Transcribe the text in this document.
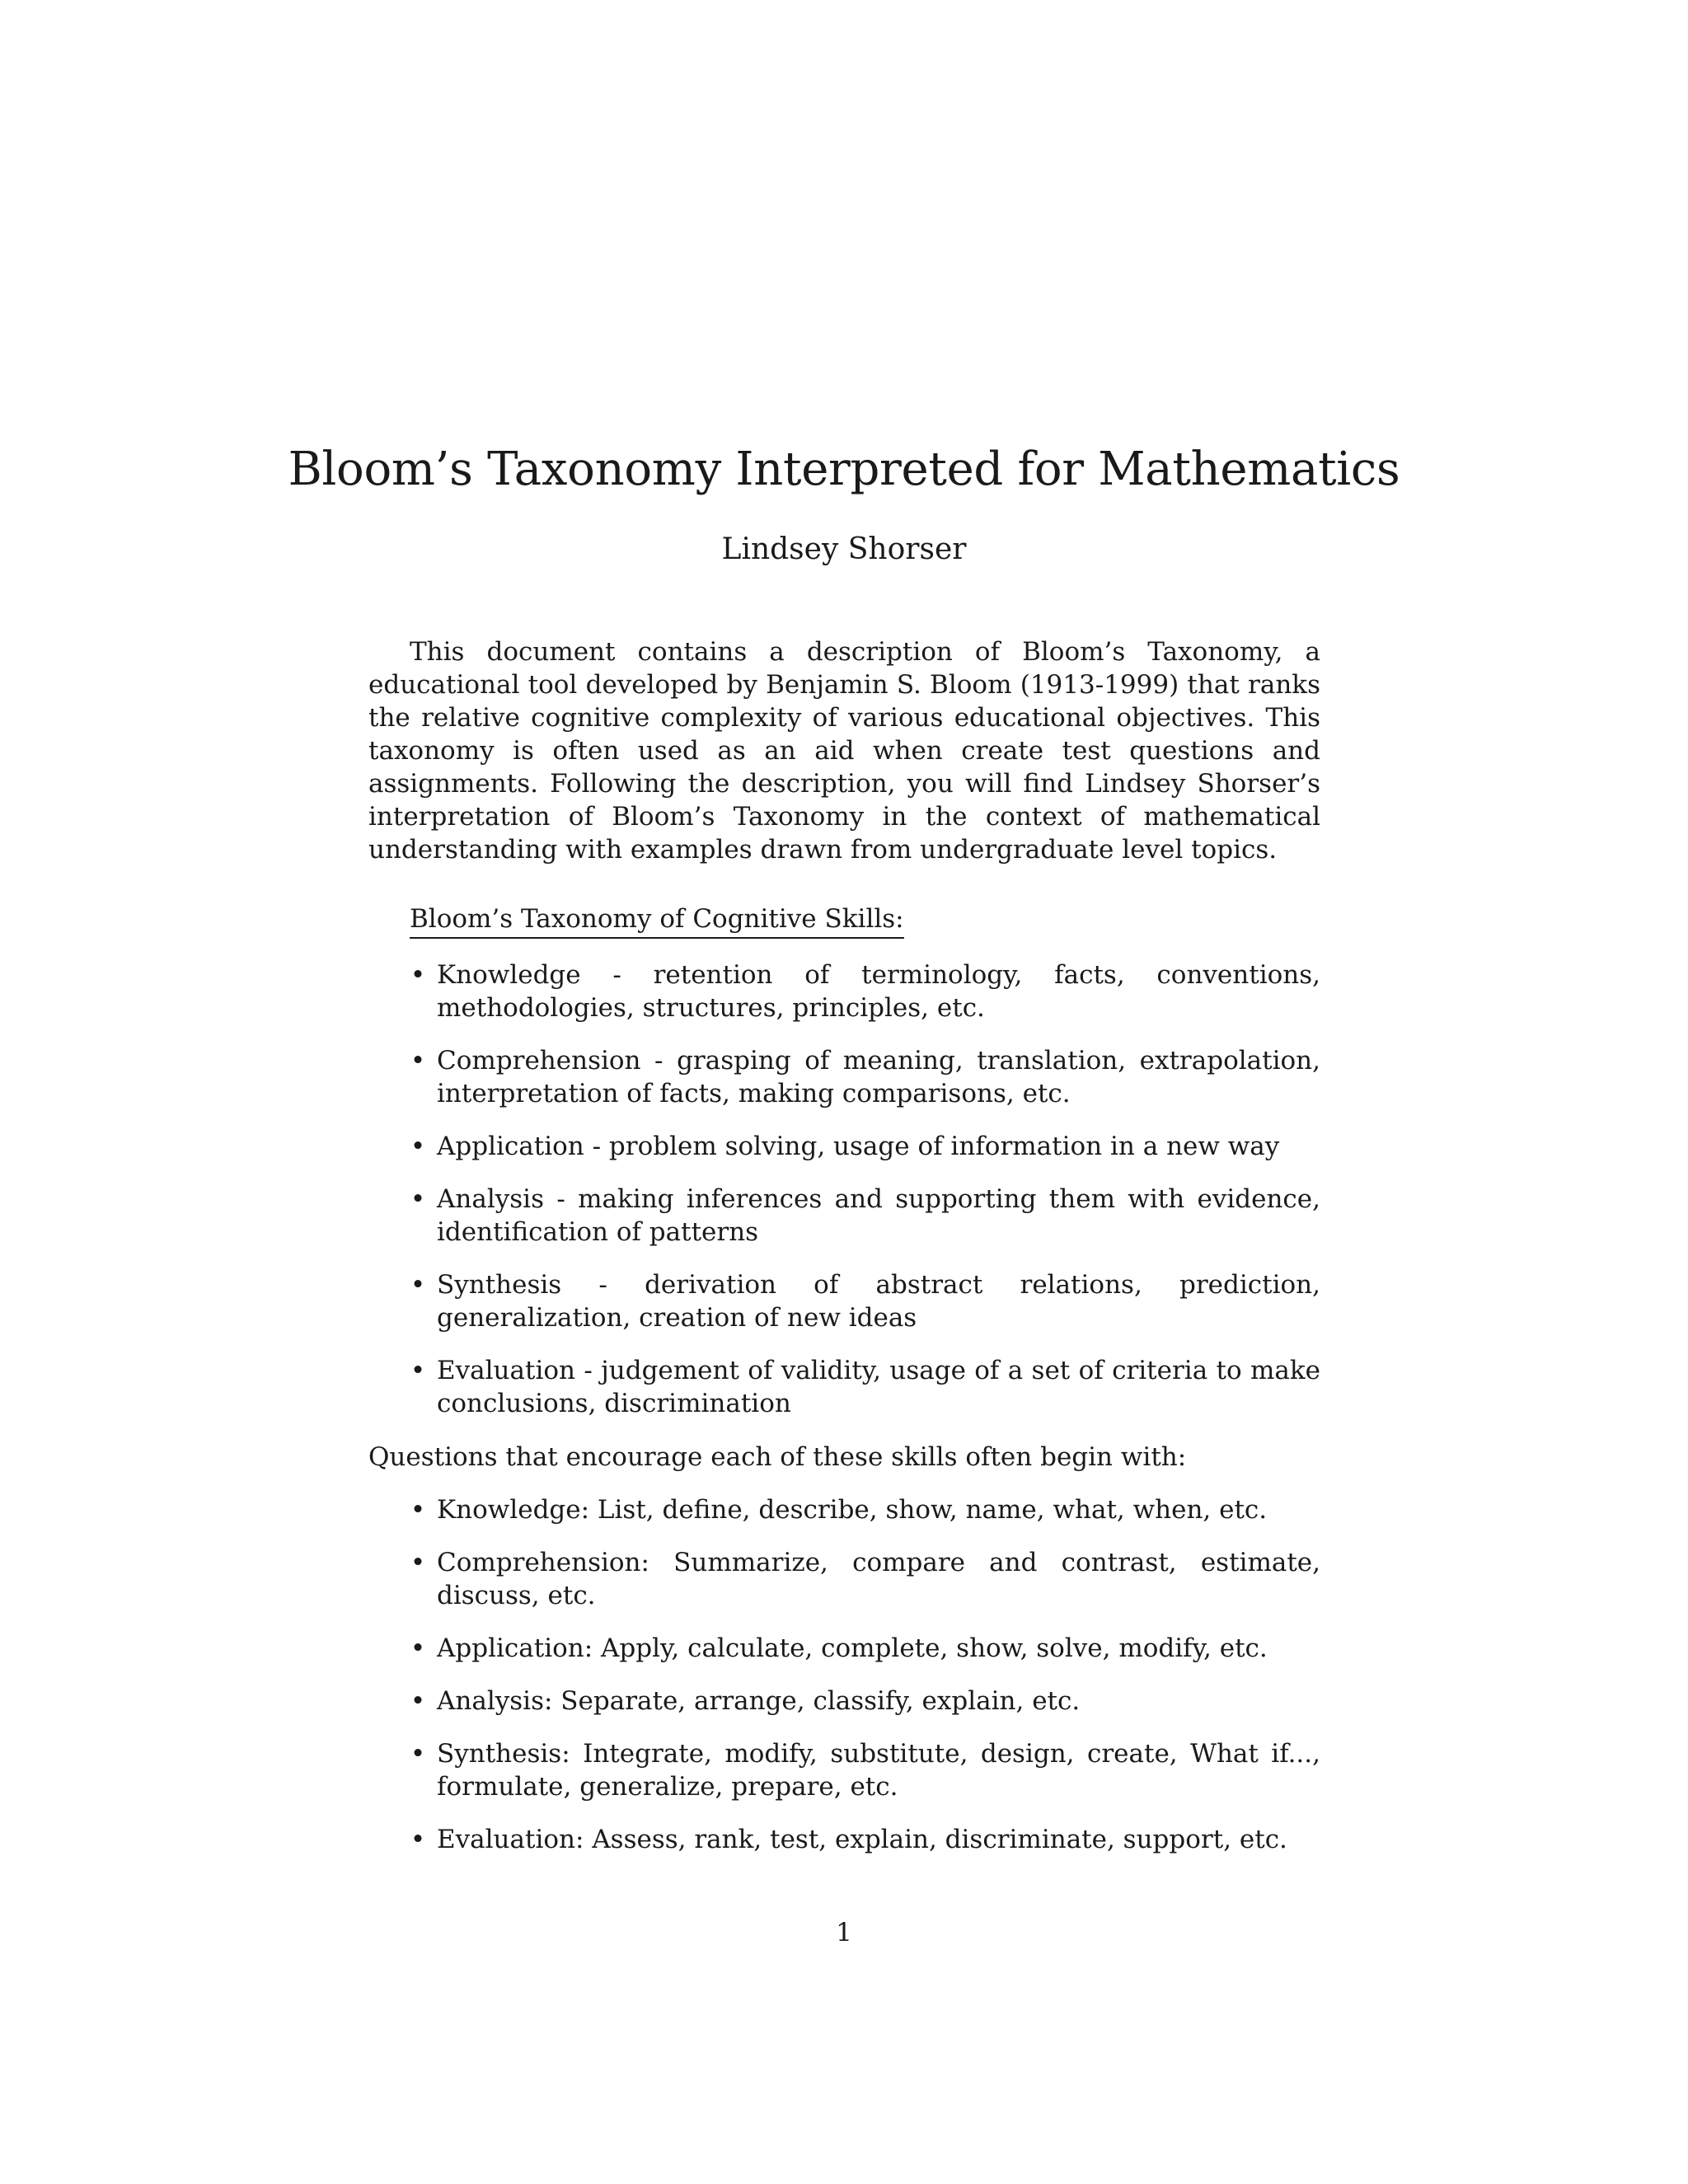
Bloom’s Taxonomy Interpreted for Mathematics

Lindsey Shorser

This document contains a description of Bloom’s Taxonomy, a educational tool developed by Benjamin S. Bloom (1913-1999) that ranks the relative cognitive complexity of various educational objectives. This taxonomy is often used as an aid when create test questions and assignments. Following the description, you will find Lindsey Shorser’s interpretation of Bloom’s Taxonomy in the context of mathematical understanding with examples drawn from undergraduate level topics.

Bloom’s Taxonomy of Cognitive Skills:

• Knowledge - retention of terminology, facts, conventions, methodologies, structures, principles, etc.
• Comprehension - grasping of meaning, translation, extrapolation, interpretation of facts, making comparisons, etc.
• Application - problem solving, usage of information in a new way
• Analysis - making inferences and supporting them with evidence, identification of patterns
• Synthesis - derivation of abstract relations, prediction, generalization, creation of new ideas
• Evaluation - judgement of validity, usage of a set of criteria to make conclusions, discrimination

Questions that encourage each of these skills often begin with:

• Knowledge: List, define, describe, show, name, what, when, etc.
• Comprehension: Summarize, compare and contrast, estimate, discuss, etc.
• Application: Apply, calculate, complete, show, solve, modify, etc.
• Analysis: Separate, arrange, classify, explain, etc.
• Synthesis: Integrate, modify, substitute, design, create, What if..., formulate, generalize, prepare, etc.
• Evaluation: Assess, rank, test, explain, discriminate, support, etc.

1
